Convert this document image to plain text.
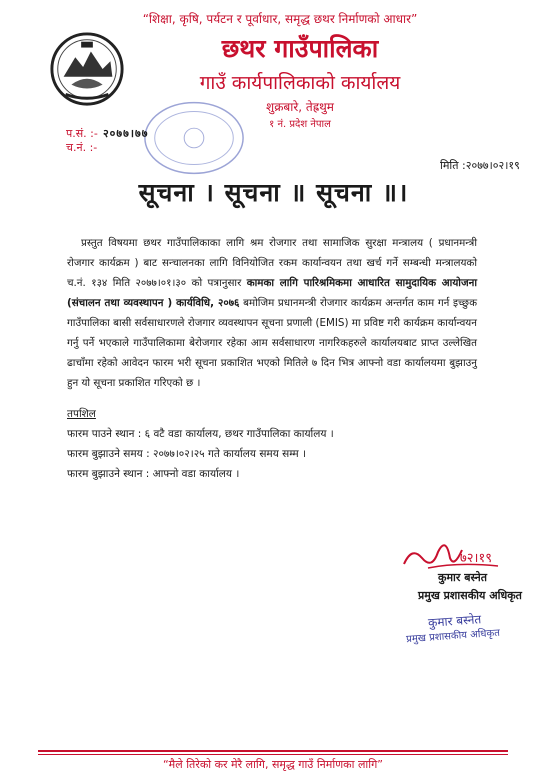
“शिक्षा, कृषि, पर्यटन र पूर्वाधार, समृद्ध छथर निर्माणको आधार”
छथर गाउँपालिका
गाउँ कार्यपालिकाको कार्यालय
शुक्रबारे, तेह्रथुम
१ नं. प्रदेश नेपाल
प.सं. :- २०७७।७७
च.नं. :-
मिति :२०७७।०२।१९
सूचना । सूचना ॥ सूचना ॥।
प्रस्तुत विषयमा छथर गाउँपालिकाका लागि श्रम रोजगार तथा सामाजिक सुरक्षा मन्त्रालय ( प्रधानमन्त्री रोजगार कार्यक्रम ) बाट सन्चालनका लागि विनियोजित रकम कार्यान्वयन तथा खर्च गर्ने सम्बन्धी मन्त्रालयको च.नं. १३४ मिति २०७७।०१।३० को पत्रानुसार कामका लागि पारिश्रमिकमा आधारित सामुदायिक आयोजना (संचालन तथा व्यवस्थापन ) कार्यविधि, २०७६ बमोजिम प्रधानमन्त्री रोजगार कार्यक्रम अन्तर्गत काम गर्न इच्छुक गाउँपालिका बासी सर्वसाधारणले रोजगार व्यवस्थापन सूचना प्रणाली (EMIS) मा प्रविष्ट गरी कार्यक्रम कार्यान्वयन गर्नु पर्ने भएकाले गाउँपालिकामा बेरोजगार रहेका आम सर्वसाधारण नागरिकहरुले कार्यालयबाट प्राप्त उल्लेखित ढाचाँमा रहेको आवेदन फारम भरी सूचना प्रकाशित भएको मितिले ७ दिन भित्र आफ्नो वडा कार्यालयमा बुझाउनु हुन यो सूचना प्रकाशित गरिएको छ ।
तपशिल
फारम पाउने स्थान : ६ वटै वडा कार्यालय, छथर गाउँपालिका कार्यालय ।
फारम बुझाउने समय : २०७७।०२।२५ गते कार्यालय समय सम्म ।
फारम बुझाउने स्थान : आफ्नो वडा कार्यालय ।
७२।१९
कुमार बस्नेत
प्रमुख प्रशासकीय अधिकृत
कुमार बस्नेत
प्रमुख प्रशासकीय अधिकृत
“मैले तिरेको कर मेरै लागि, समृद्ध गाउँ निर्माणका लागि”
